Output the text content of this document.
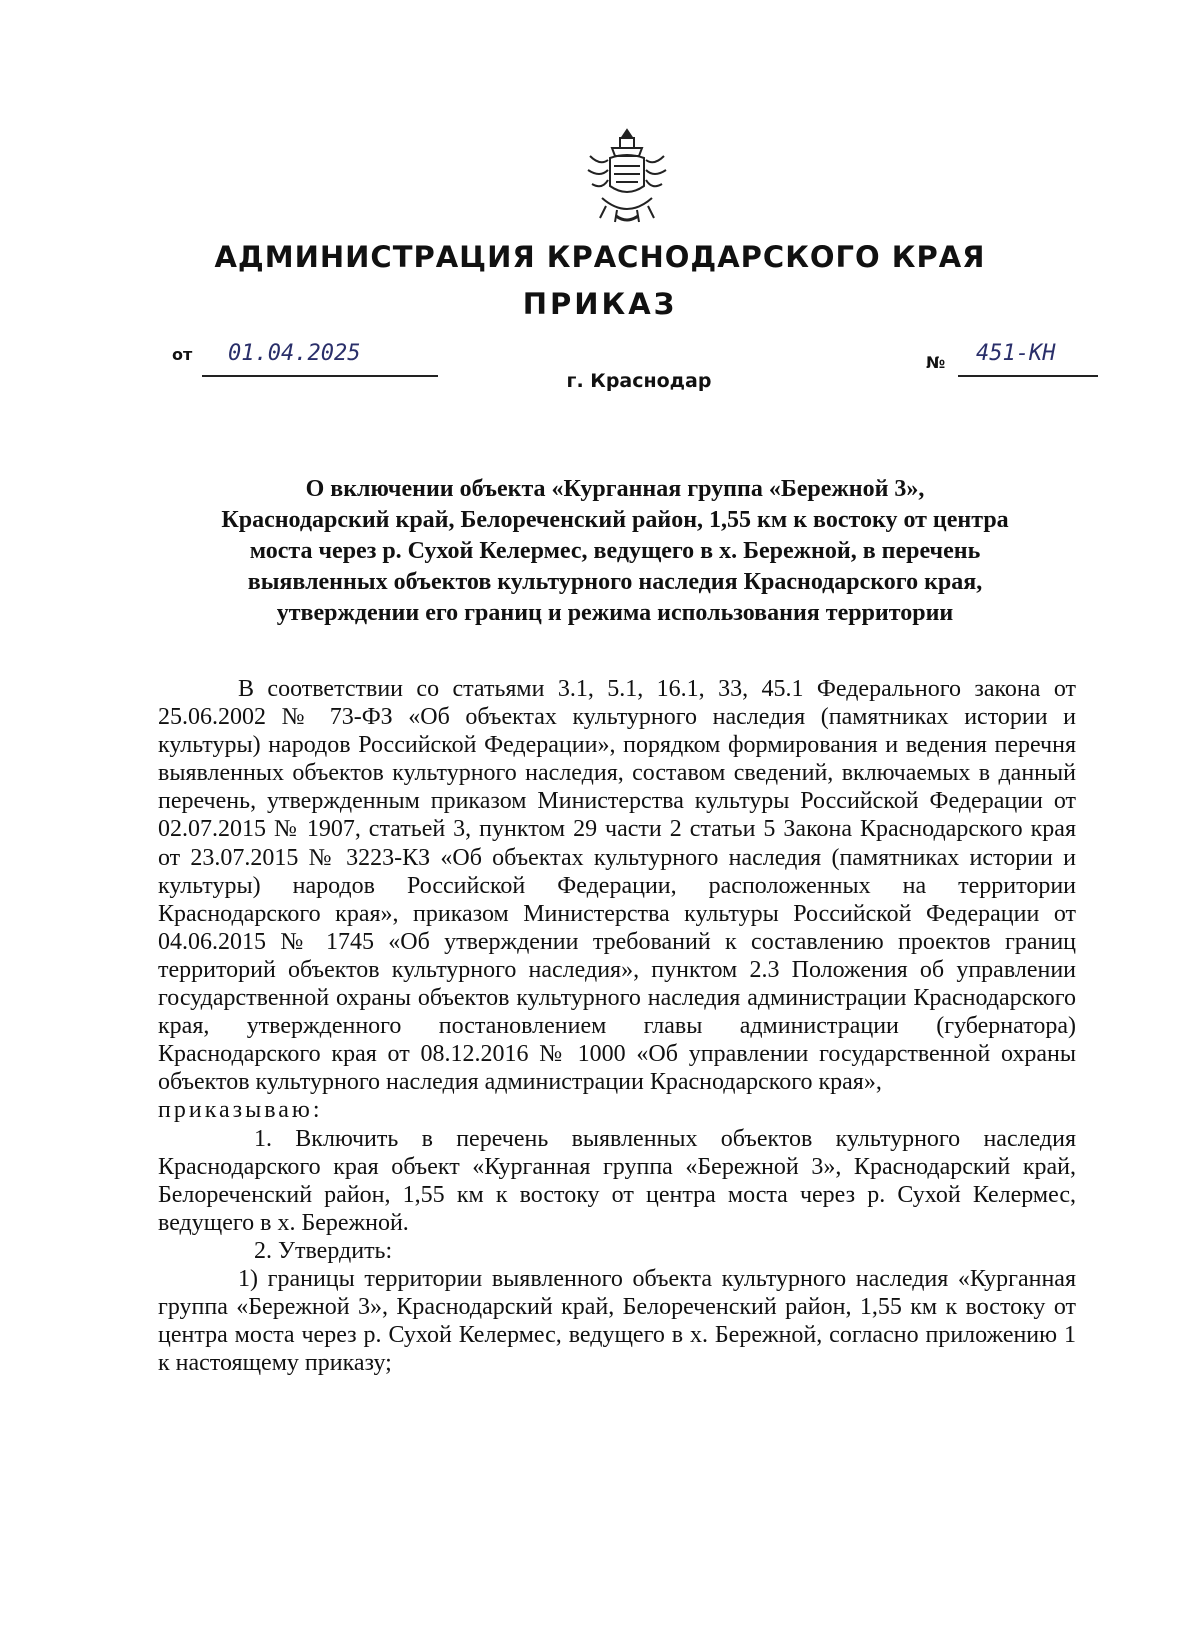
АДМИНИСТРАЦИЯ КРАСНОДАРСКОГО КРАЯ
ПРИКАЗ
от 01.04.2025
г. Краснодар
№ 451-КН
О включении объекта «Курганная группа «Бережной 3»,
Краснодарский край, Белореченский район, 1,55 км к востоку от центра
моста через р. Сухой Келермес, ведущего в х. Бережной, в перечень
выявленных объектов культурного наследия Краснодарского края,
утверждении его границ и режима использования территории

В соответствии со статьями 3.1, 5.1, 16.1, 33, 45.1 Федерального закона от 25.06.2002 № 73-ФЗ «Об объектах культурного наследия (памятниках истории и культуры) народов Российской Федерации», порядком формирования и ведения перечня выявленных объектов культурного наследия, составом сведений, включаемых в данный перечень, утвержденным приказом Министерства культуры Российской Федерации от 02.07.2015 № 1907, статьей 3, пунктом 29 части 2 статьи 5 Закона Краснодарского края от 23.07.2015 № 3223-КЗ «Об объектах культурного наследия (памятниках истории и культуры) народов Российской Федерации, расположенных на территории Краснодарского края», приказом Министерства культуры Российской Федерации от 04.06.2015 № 1745 «Об утверждении требований к составлению проектов границ территорий объектов культурного наследия», пунктом 2.3 Положения об управлении государственной охраны объектов культурного наследия администрации Краснодарского края, утвержденного постановлением главы администрации (губернатора) Краснодарского края от 08.12.2016 № 1000 «Об управлении государственной охраны объектов культурного наследия администрации Краснодарского края»,

приказываю:

1. Включить в перечень выявленных объектов культурного наследия Краснодарского края объект «Курганная группа «Бережной 3», Краснодарский край, Белореченский район, 1,55 км к востоку от центра моста через р. Сухой Келермес, ведущего в х. Бережной.

2. Утвердить:

1) границы территории выявленного объекта культурного наследия «Курганная группа «Бережной 3», Краснодарский край, Белореченский район, 1,55 км к востоку от центра моста через р. Сухой Келермес, ведущего в х. Бережной, согласно приложению 1 к настоящему приказу;
